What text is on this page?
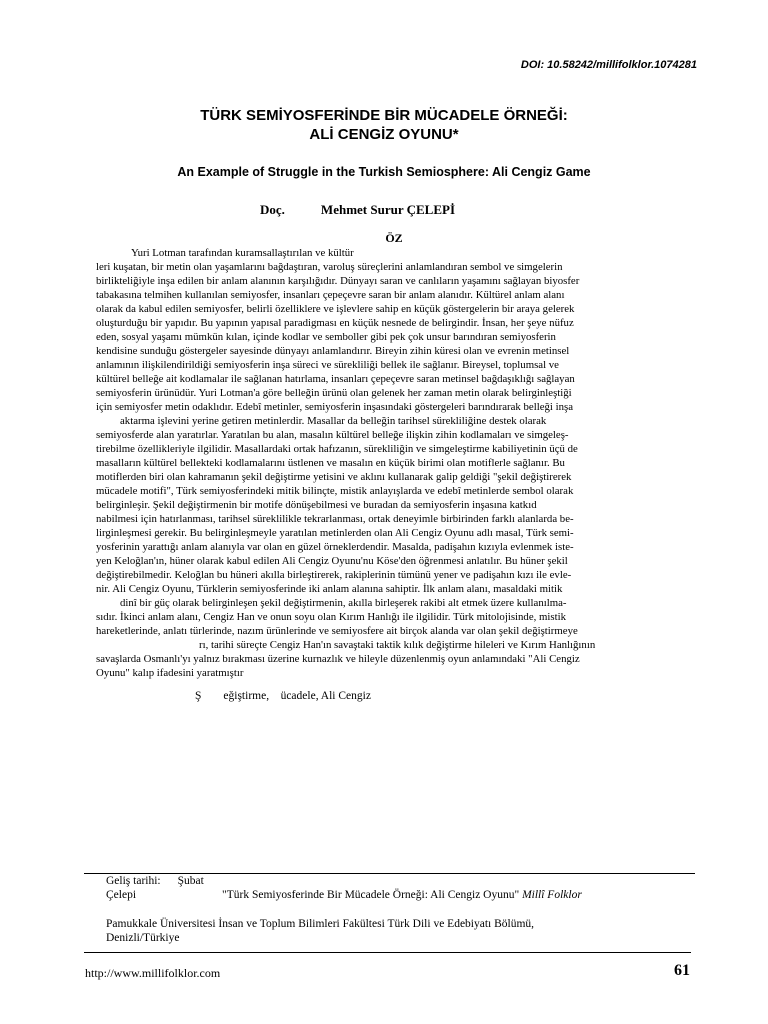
DOI: 10.58242/millifolklor.1074281
TÜRK SEMİYOSFERİNDE BİR MÜCADELE ÖRNEĞİ:
ALİ CENGİZ OYUNU*
An Example of Struggle in the Turkish Semiosphere: Ali Cengiz Game
Doç.	Mehmet Surur ÇELEPİ
ÖZ
Yuri Lotman tarafından kuramsallaştırılan ve kültür
leri kuşatan, bir metin olan yaşamlarını bağdaştıran, varoluş süreçlerini anlamlandıran sembol ve simgelerin
birlikteliğiyle inşa edilen bir anlam alanının karşılığıdır. Dünyayı saran ve canlıların yaşamını sağlayan biyosfer
tabakasına telmihen kullanılan semiyosfer, insanları çepeçevre saran bir anlam alanıdır. Kültürel anlam alanı
olarak da kabul edilen semiyosfer, belirli özelliklere ve işlevlere sahip en küçük göstergelerin bir araya gelerek
oluşturduğu bir yapıdır. Bu yapının yapısal paradigması en küçük nesnede de belirgindir. İnsan, her şeye nüfuz
eden, sosyal yaşamı mümkün kılan, içinde kodlar ve semboller gibi pek çok unsur barındıran semiyosferin
kendisine sunduğu göstergeler sayesinde dünyayı anlamlandırır. Bireyin zihin küresi olan ve evrenin metinsel
anlamının ilişkilendirildiği semiyosferin inşa süreci ve sürekliliği bellek ile sağlanır. Bireysel, toplumsal ve
kültürel belleğe ait kodlamalar ile sağlanan hatırlama, insanları çepeçevre saran metinsel bağdaşıklığı sağlayan
semiyosferin ürünüdür. Yuri Lotman'a göre belleğin ürünü olan gelenek her zaman metin olarak belirginleştiği
için semiyosfer metin odaklıdır. Edebî metinler, semiyosferin inşasındaki göstergeleri barındırarak belleği inşa
aktarma işlevini yerine getiren metinlerdir. Masallar da belleğin tarihsel sürekliliğine destek olarak
semiyosferde alan yaratırlar. Yaratılan bu alan, masalın kültürel belleğe ilişkin zihin kodlamaları ve simgeleş-
tirebilme özellikleriyle ilgilidir. Masallardaki ortak hafızanın, sürekliliğin ve simgeleştirme kabiliyetinin üçü de
masalların kültürel bellekteki kodlamalarını üstlenen ve masalın en küçük birimi olan motiflerle sağlanır. Bu
motiflerden biri olan kahramanın şekil değiştirme yetisini ve aklını kullanarak galip geldiği "şekil değiştirerek
mücadele motifi", Türk semiyosferindeki mitik bilinçte, mistik anlayışlarda ve edebî metinlerde sembol olarak
belirginleşir. Şekil değiştirmenin bir motife dönüşebilmesi ve buradan da semiyosferin inşasına katkıd
nabilmesi için hatırlanması, tarihsel süreklilikle tekrarlanması, ortak deneyimle birbirinden farklı alanlarda be-
lirginleşmesi gerekir. Bu belirginleşmeyle yaratılan metinlerden olan Ali Cengiz Oyunu adlı masal, Türk semi-
yosferinin yarattığı anlam alanıyla var olan en güzel örneklerdendir. Masalda, padişahın kızıyla evlenmek iste-
yen Keloğlan'ın, hüner olarak kabul edilen Ali Cengiz Oyunu'nu Köse'den öğrenmesi anlatılır. Bu hüner şekil
değiştirebilmedir. Keloğlan bu hüneri akılla birleştirerek, rakiplerinin tümünü yener ve padişahın kızı ile evle-
nir. Ali Cengiz Oyunu, Türklerin semiyosferinde iki anlam alanına sahiptir. İlk anlam alanı, masaldaki mitik
dinî bir güç olarak belirginleşen şekil değiştirmenin, akılla birleşerek rakibi alt etmek üzere kullanılma-
sıdır. İkinci anlam alanı, Cengiz Han ve onun soyu olan Kırım Hanlığı ile ilgilidir. Türk mitolojisinde, mistik
hareketlerinde, anlatı türlerinde, nazım ürünlerinde ve semiyosfere ait birçok alanda var olan şekil değiştirmeye
rı, tarihi süreçte Cengiz Han'ın savaştaki taktik kılık değiştirme hileleri ve Kırım Hanlığının
savaşlarda Osmanlı'yı yalnız bırakması üzerine kurnazlık ve hileyle düzenlenmiş oyun anlamındaki "Ali Cengiz
Oyunu" kalıp ifadesini yaratmıştır
Ş eğiştirme, ücadele, Ali Cengiz
Geliş tarihi: Şubat
Çelepi	"Türk Semiyosferinde Bir Mücadele Örneği: Ali Cengiz Oyunu" Millî Folklor
Pamukkale Üniversitesi İnsan ve Toplum Bilimleri Fakültesi Türk Dili ve Edebiyatı Bölümü,
Denizli/Türkiye
http://www.millifolklor.com	61
